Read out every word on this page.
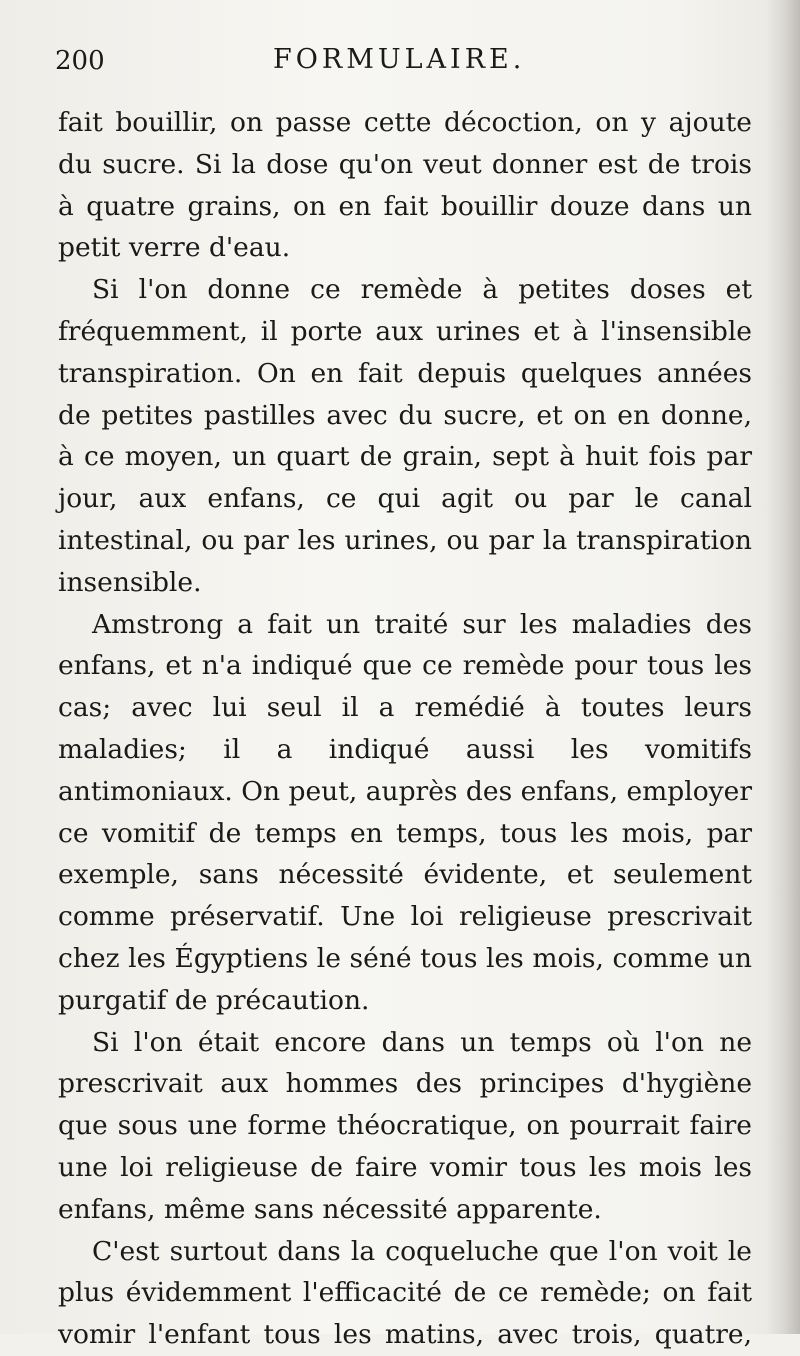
200	FORMULAIRE.

fait bouillir, on passe cette décoction, on y ajoute du sucre. Si la dose qu'on veut donner est de trois à quatre grains, on en fait bouillir douze dans un petit verre d'eau.

Si l'on donne ce remède à petites doses et fréquemment, il porte aux urines et à l'insensible transpiration. On en fait depuis quelques années de petites pastilles avec du sucre, et on en donne, à ce moyen, un quart de grain, sept à huit fois par jour, aux enfans, ce qui agit ou par le canal intestinal, ou par les urines, ou par la transpiration insensible.

Amstrong a fait un traité sur les maladies des enfans, et n'a indiqué que ce remède pour tous les cas; avec lui seul il a remédié à toutes leurs maladies; il a indiqué aussi les vomitifs antimoniaux. On peut, auprès des enfans, employer ce vomitif de temps en temps, tous les mois, par exemple, sans nécessité évidente, et seulement comme préservatif. Une loi religieuse prescrivait chez les Égyptiens le séné tous les mois, comme un purgatif de précaution.

Si l'on était encore dans un temps où l'on ne prescrivait aux hommes des principes d'hygiène que sous une forme théocratique, on pourrait faire une loi religieuse de faire vomir tous les mois les enfans, même sans nécessité apparente.

C'est surtout dans la coqueluche que l'on voit le plus évidemment l'efficacité de ce remède; on fait vomir l'enfant tous les matins, avec trois, quatre,
